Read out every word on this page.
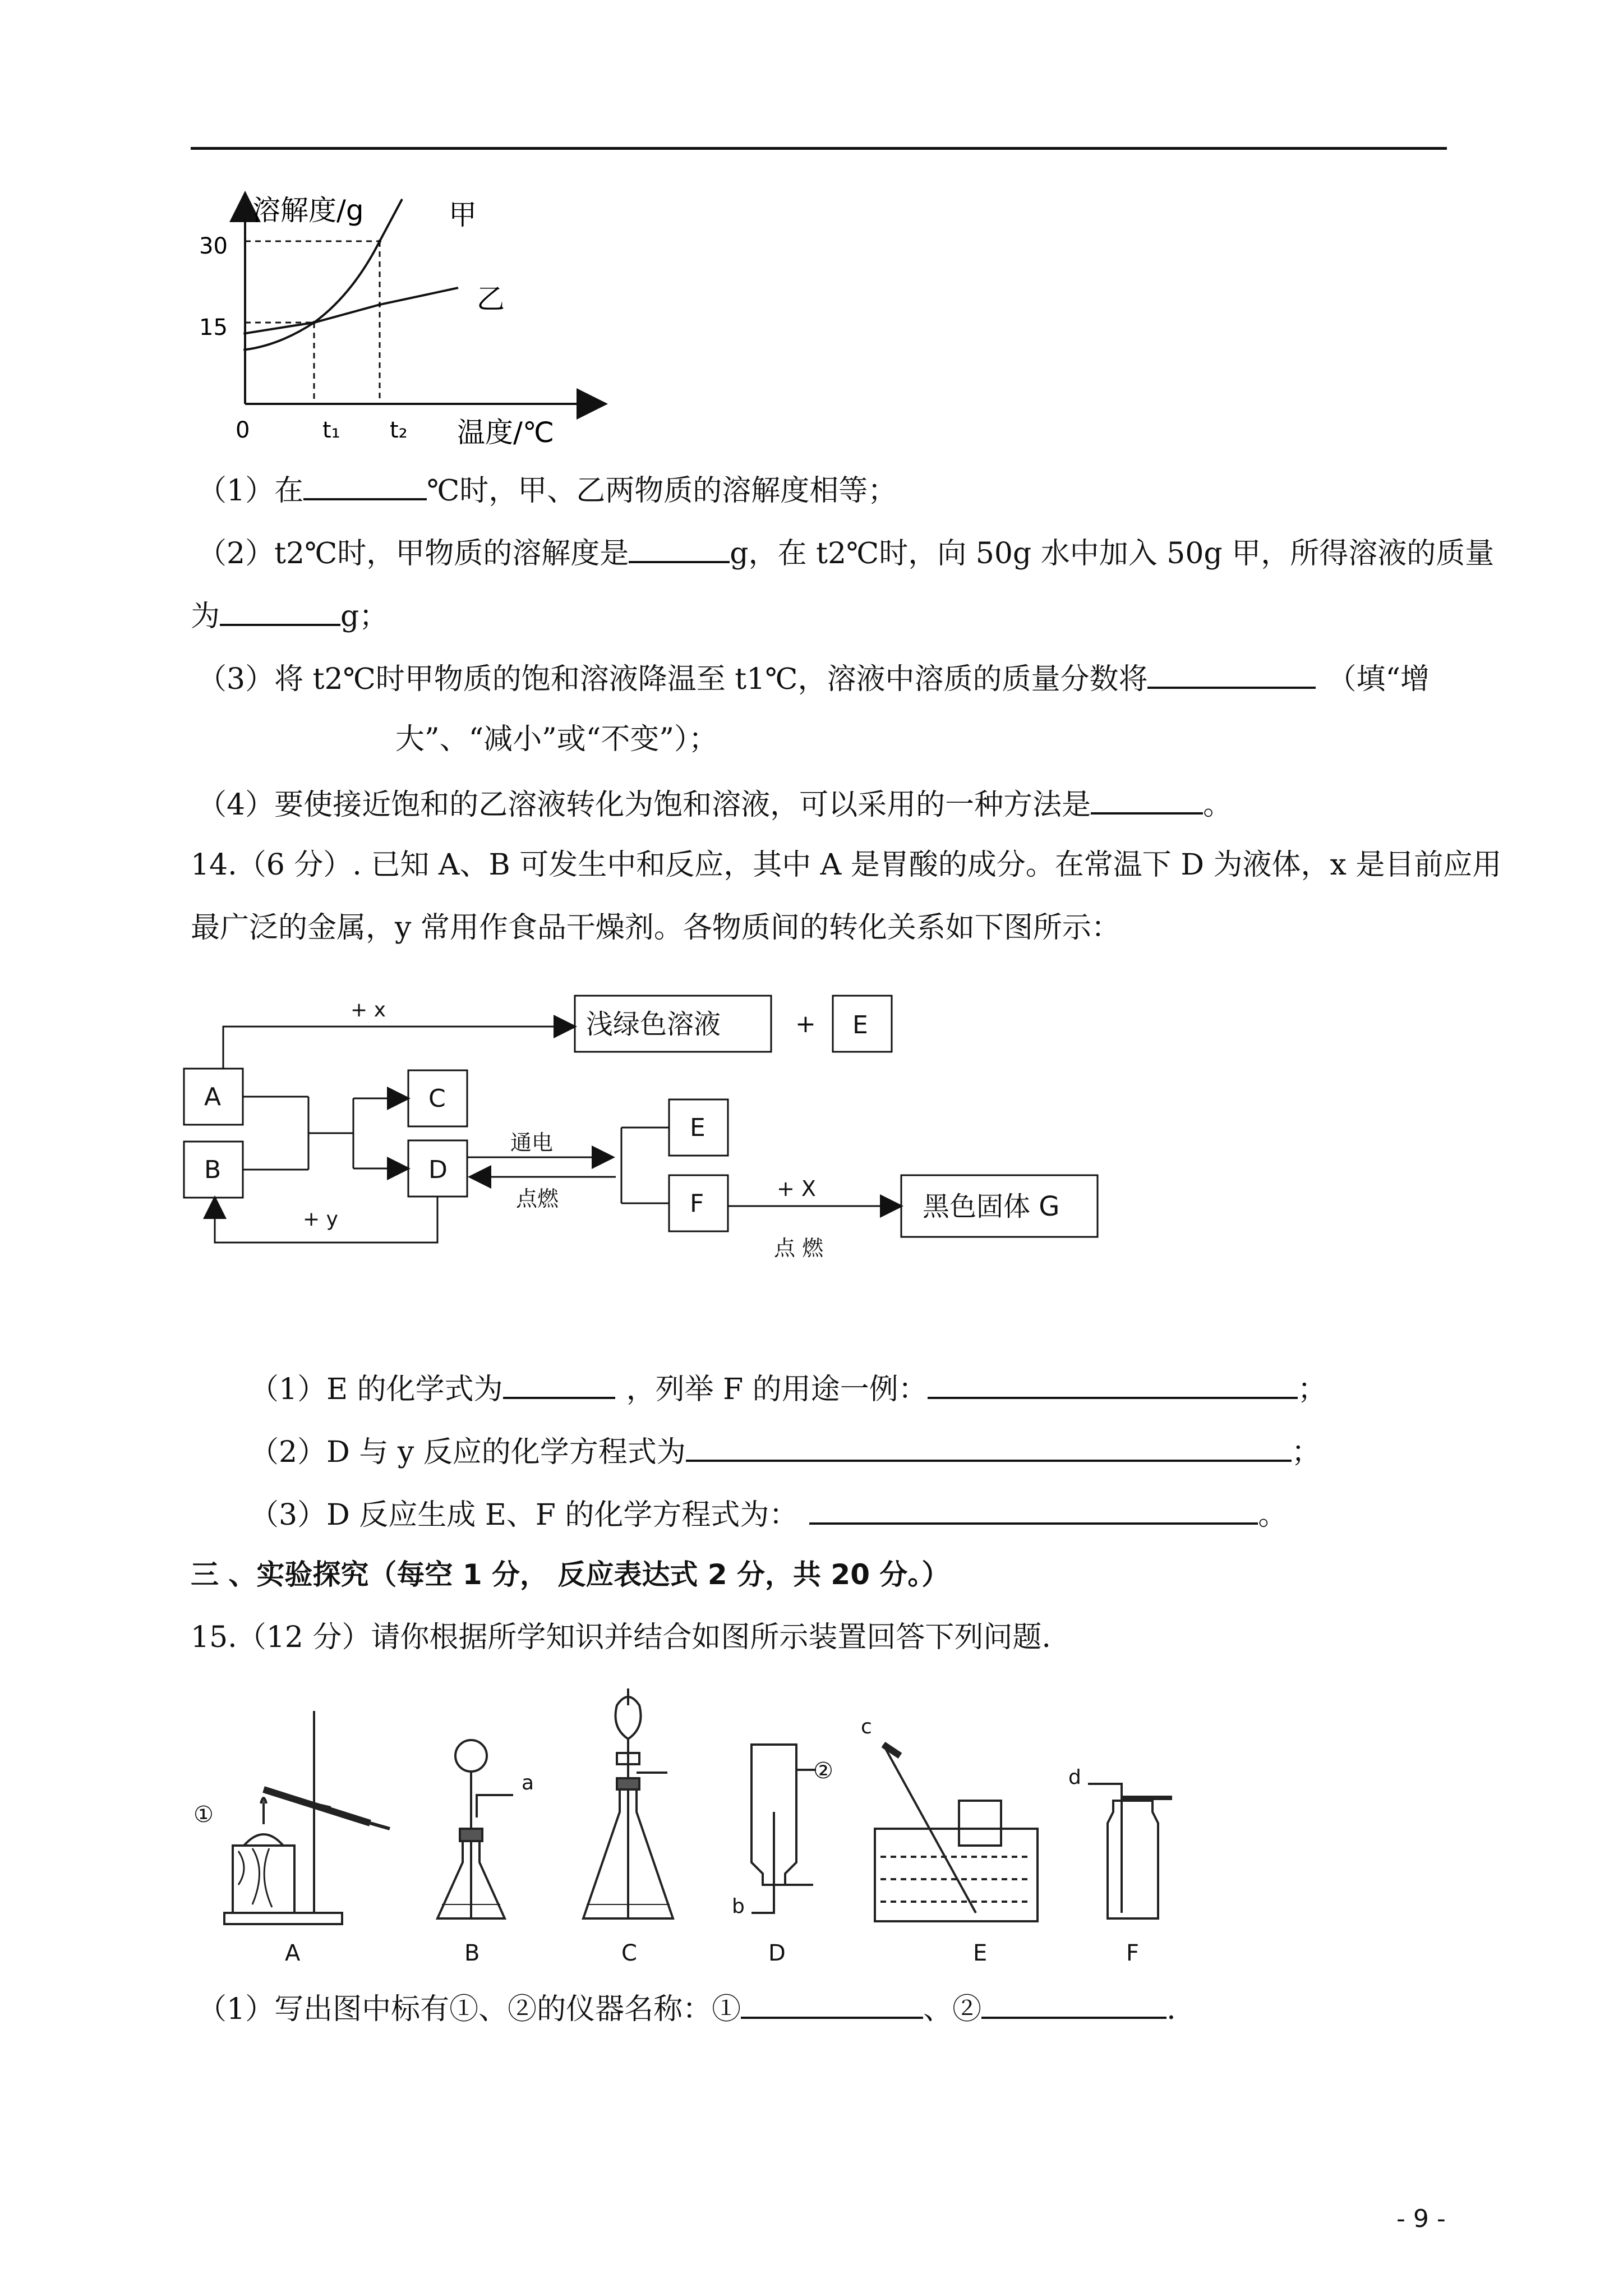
溶解度/g
温度/℃
0
15
30
t₁ t₂
甲
乙
（1）在	℃时，甲、乙两物质的溶解度相等；
（2）t2℃时，甲物质的溶解度是	g，在 t2℃时，向 50g 水中加入 50g 甲，所得溶液的质量
为	g；
（3）将 t2℃时甲物质的饱和溶液降温至 t1℃，溶液中溶质的质量分数将	（填“增
大”、“减小”或“不变”）；
（4）要使接近饱和的乙溶液转化为饱和溶液，可以采用的一种方法是	。
14.（6 分）. 已知 A、B 可发生中和反应，其中 A 是胃酸的成分。在常温下 D 为液体，x 是目前应用
最广泛的金属，y 常用作食品干燥剂。各物质间的转化关系如下图所示：
+ x	浅绿色溶液	+ E
A
B
C
D
E
F
通电
点燃
+ y
+ X
点 燃
黑色固体 G
（1）E 的化学式为	，列举 F 的用途一例：	；
（2）D 与 y 反应的化学方程式为	；
（3）D 反应生成 E、F 的化学方程式为：	。
三 、实验探究（每空 1 分， 反应表达式 2 分，共 20 分。）
15.（12 分）请你根据所学知识并结合如图所示装置回答下列问题.
①
②
a
b
c
d
A	B	C	D	E	F
（1）写出图中标有①、②的仪器名称：①	、②	.
- 9 -
